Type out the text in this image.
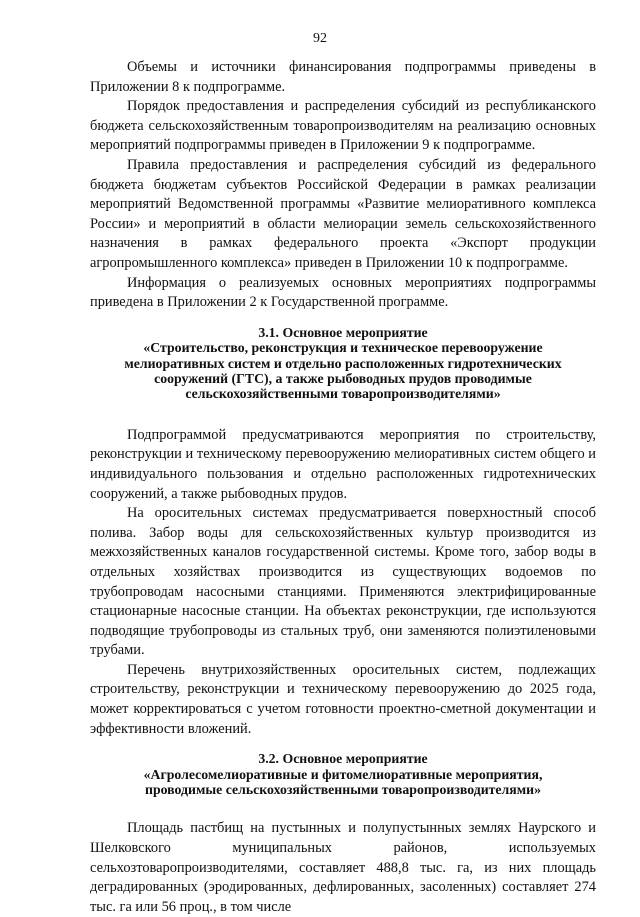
92

Объемы и источники финансирования подпрограммы приведены в Приложении 8 к подпрограмме.

Порядок предоставления и распределения субсидий из республиканского бюджета сельскохозяйственным товаропроизводителям на реализацию основных мероприятий подпрограммы приведен в Приложении 9 к подпрограмме.

Правила предоставления и распределения субсидий из федерального бюджета бюджетам субъектов Российской Федерации в рамках реализации мероприятий Ведомственной программы «Развитие мелиоративного комплекса России» и мероприятий в области мелиорации земель сельскохозяйственного назначения в рамках федерального проекта «Экспорт продукции агропромышленного комплекса» приведен в Приложении 10 к подпрограмме.

Информация о реализуемых основных мероприятиях подпрограммы приведена в Приложении 2 к Государственной программе.

3.1. Основное мероприятие
«Строительство, реконструкция и техническое перевооружение
мелиоративных систем и отдельно расположенных гидротехнических
сооружений (ГТС), а также рыбоводных прудов проводимые
сельскохозяйственными товаропроизводителями»

Подпрограммой предусматриваются мероприятия по строительству, реконструкции и техническому перевооружению мелиоративных систем общего и индивидуального пользования и отдельно расположенных гидротехнических сооружений, а также рыбоводных прудов.

На оросительных системах предусматривается поверхностный способ полива. Забор воды для сельскохозяйственных культур производится из межхозяйственных каналов государственной системы. Кроме того, забор воды в отдельных хозяйствах производится из существующих водоемов по трубопроводам насосными станциями. Применяются электрифицированные стационарные насосные станции. На объектах реконструкции, где используются подводящие трубопроводы из стальных труб, они заменяются полиэтиленовыми трубами.

Перечень внутрихозяйственных оросительных систем, подлежащих строительству, реконструкции и техническому перевооружению до 2025 года, может корректироваться с учетом готовности проектно-сметной документации и эффективности вложений.

3.2. Основное мероприятие
«Агролесомелиоративные и фитомелиоративные мероприятия,
проводимые сельскохозяйственными товаропроизводителями»

Площадь пастбищ на пустынных и полупустынных землях Наурского и Шелковского муниципальных районов, используемых сельхозтоваропроизводителями, составляет 488,8 тыс. га, из них площадь деградированных (эродированных, дефлированных, засоленных) составляет 274 тыс. га или 56 проц., в том числе
